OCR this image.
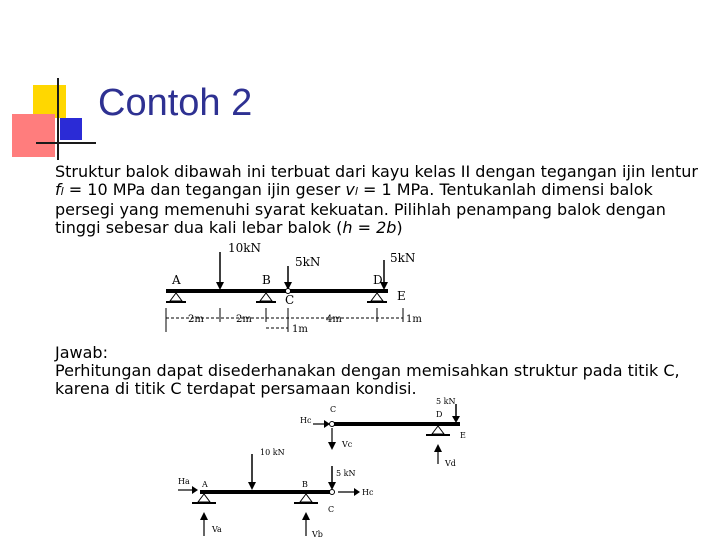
Contoh 2
Struktur balok dibawah ini terbuat dari kayu kelas II dengan tegangan ijin lentur
fl = 10 MPa dan tegangan ijin geser vl = 1 MPa. Tentukanlah dimensi balok
persegi yang memenuhi syarat kekuatan. Pilihlah penampang balok dengan
tinggi sebesar dua kali lebar balok (h = 2b)
10kN
5kN	5kN
A	B
C
D
E
2m	2m	4m	1m
1m
Jawab:
Perhitungan dapat disederhanakan dengan memisahkan struktur pada titik C,
karena di titik C terdapat persamaan kondisi.
5 kN
C
D
Hc
Vc
E
Vd
10 kN
5 kN
Ha A	B
Hc
C
Va
Vb
